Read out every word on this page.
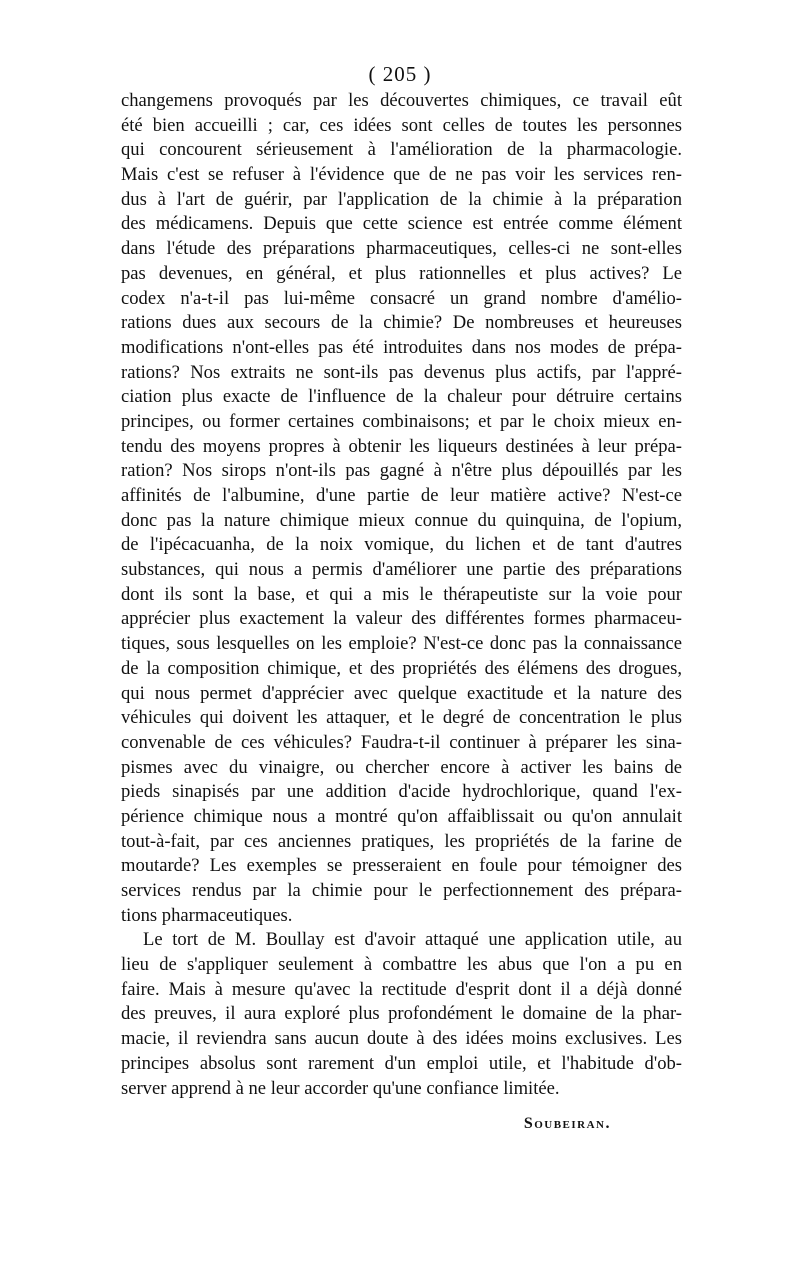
( 205 )
changemens provoqués par les découvertes chimiques, ce travail eût
été bien accueilli ; car, ces idées sont celles de toutes les personnes
qui concourent sérieusement à l'amélioration de la pharmacologie.
Mais c'est se refuser à l'évidence que de ne pas voir les services ren-
dus à l'art de guérir, par l'application de la chimie à la préparation
des médicamens. Depuis que cette science est entrée comme élément
dans l'étude des préparations pharmaceutiques, celles-ci ne sont-elles
pas devenues, en général, et plus rationnelles et plus actives? Le
codex n'a-t-il pas lui-même consacré un grand nombre d'amélio-
rations dues aux secours de la chimie? De nombreuses et heureuses
modifications n'ont-elles pas été introduites dans nos modes de prépa-
rations? Nos extraits ne sont-ils pas devenus plus actifs, par l'appré-
ciation plus exacte de l'influence de la chaleur pour détruire certains
principes, ou former certaines combinaisons; et par le choix mieux en-
tendu des moyens propres à obtenir les liqueurs destinées à leur prépa-
ration? Nos sirops n'ont-ils pas gagné à n'être plus dépouillés par les
affinités de l'albumine, d'une partie de leur matière active? N'est-ce
donc pas la nature chimique mieux connue du quinquina, de l'opium,
de l'ipécacuanha, de la noix vomique, du lichen et de tant d'autres
substances, qui nous a permis d'améliorer une partie des préparations
dont ils sont la base, et qui a mis le thérapeutiste sur la voie pour
apprécier plus exactement la valeur des différentes formes pharmaceu-
tiques, sous lesquelles on les emploie? N'est-ce donc pas la connaissance
de la composition chimique, et des propriétés des élémens des drogues,
qui nous permet d'apprécier avec quelque exactitude et la nature des
véhicules qui doivent les attaquer, et le degré de concentration le plus
convenable de ces véhicules? Faudra-t-il continuer à préparer les sina-
pismes avec du vinaigre, ou chercher encore à activer les bains de
pieds sinapisés par une addition d'acide hydrochlorique, quand l'ex-
périence chimique nous a montré qu'on affaiblissait ou qu'on annulait
tout-à-fait, par ces anciennes pratiques, les propriétés de la farine de
moutarde? Les exemples se presseraient en foule pour témoigner des
services rendus par la chimie pour le perfectionnement des prépara-
tions pharmaceutiques.
Le tort de M. Boullay est d'avoir attaqué une application utile, au
lieu de s'appliquer seulement à combattre les abus que l'on a pu en
faire. Mais à mesure qu'avec la rectitude d'esprit dont il a déjà donné
des preuves, il aura exploré plus profondément le domaine de la phar-
macie, il reviendra sans aucun doute à des idées moins exclusives. Les
principes absolus sont rarement d'un emploi utile, et l'habitude d'ob-
server apprend à ne leur accorder qu'une confiance limitée.
Soubeiran.
